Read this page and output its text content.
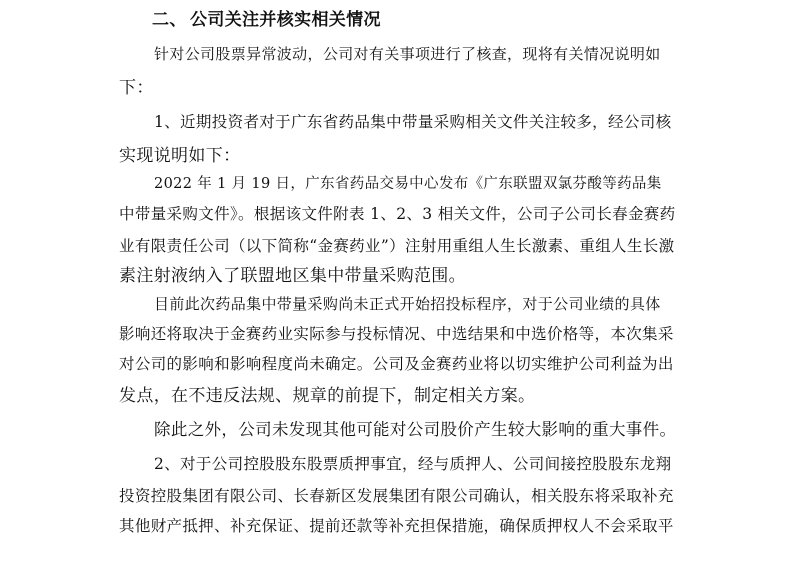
二、 公司关注并核实相关情况
针对公司股票异常波动，公司对有关事项进行了核查，现将有关情况说明如
下：
1、近期投资者对于广东省药品集中带量采购相关文件关注较多，经公司核
实现说明如下：
2022 年 1 月 19 日，广东省药品交易中心发布《广东联盟双氯芬酸等药品集
中带量采购文件》。根据该文件附表 1、2、3 相关文件，公司子公司长春金赛药
业有限责任公司（以下简称“金赛药业”）注射用重组人生长激素、重组人生长激
素注射液纳入了联盟地区集中带量采购范围。
目前此次药品集中带量采购尚未正式开始招投标程序，对于公司业绩的具体
影响还将取决于金赛药业实际参与投标情况、中选结果和中选价格等，本次集采
对公司的影响和影响程度尚未确定。公司及金赛药业将以切实维护公司利益为出
发点，在不违反法规、规章的前提下，制定相关方案。
除此之外，公司未发现其他可能对公司股价产生较大影响的重大事件。
2、对于公司控股股东股票质押事宜，经与质押人、公司间接控股股东龙翔
投资控股集团有限公司、长春新区发展集团有限公司确认，相关股东将采取补充
其他财产抵押、补充保证、提前还款等补充担保措施，确保质押权人不会采取平
